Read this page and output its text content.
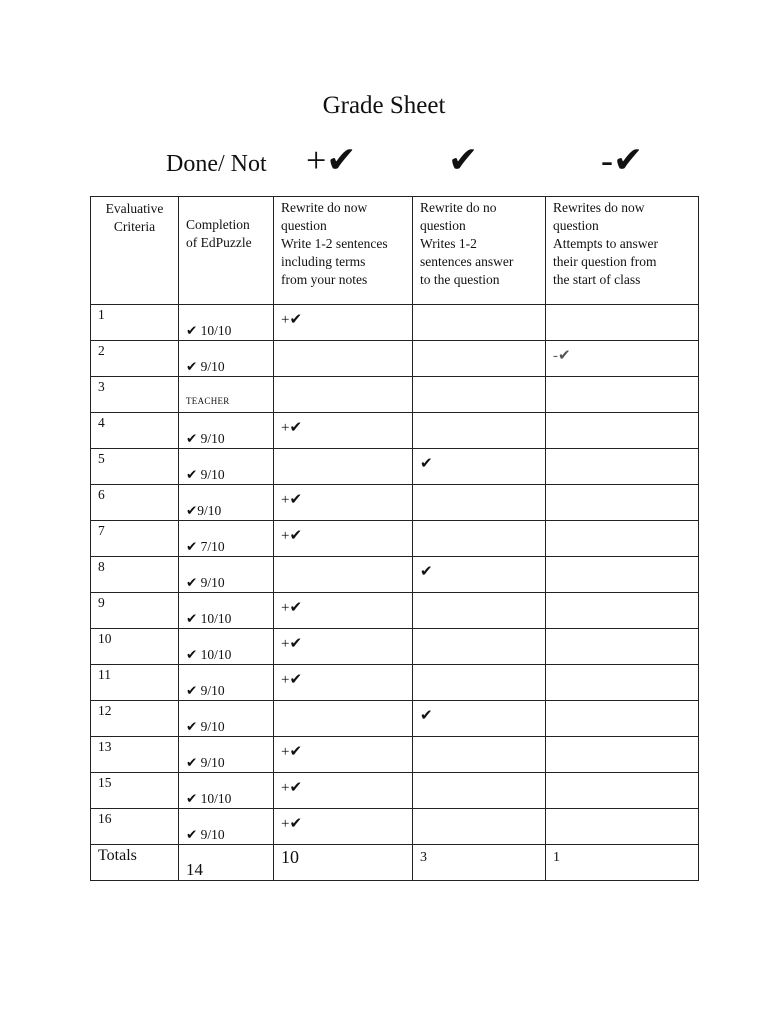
Grade Sheet
Done/ Not +✔	✔	-✔
Evaluative
Criteria	Completion
of EdPuzzle	Rewrite do now
question
Write 1-2 sentences
including terms
from your notes	Rewrite do no
question
Writes 1-2
sentences answer
to the question	Rewrites do now
question
Attempts to answer
their question from
the start of class

1	✔ 10/10	+✔		

2	✔ 9/10			-✔

3	TEACHER			

4	✔ 9/10	+✔		

5	✔ 9/10		✔	

6	✔9/10	+✔		

7	✔ 7/10	+✔		

8	✔ 9/10		✔	

9	✔ 10/10	+✔		

10	✔ 10/10	+✔		

11	✔ 9/10	+✔		

12	✔ 9/10		✔	

13	✔ 9/10	+✔		

15	✔ 10/10	+✔		

16	✔ 9/10	+✔		

Totals	14	10	3	1
